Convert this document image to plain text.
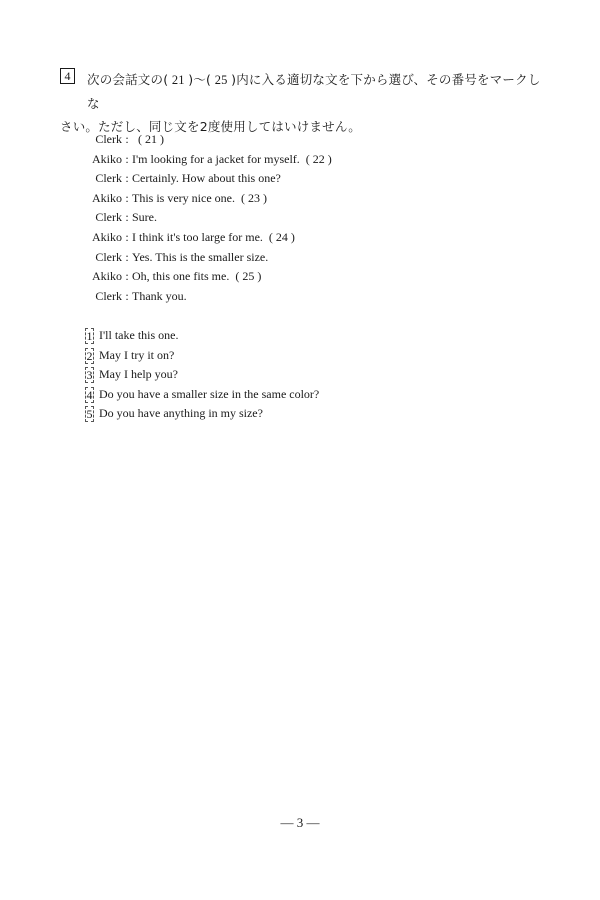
4	次の会話文の( 21 )〜( 25 )内に入る適切な文を下から選び、その番号をマークしな
さい。ただし、同じ文を2度使用してはいけません。
Clerk : ( 21 )
Akiko : I'm looking for a jacket for myself. ( 22 )
Clerk : Certainly. How about this one?
Akiko : This is very nice one. ( 23 )
Clerk : Sure.
Akiko : I think it's too large for me. ( 24 )
Clerk : Yes. This is the smaller size.
Akiko : Oh, this one fits me. ( 25 )
Clerk : Thank you.
1 I'll take this one.
2 May I try it on?
3 May I help you?
4 Do you have a smaller size in the same color?
5 Do you have anything in my size?
— 3 —
